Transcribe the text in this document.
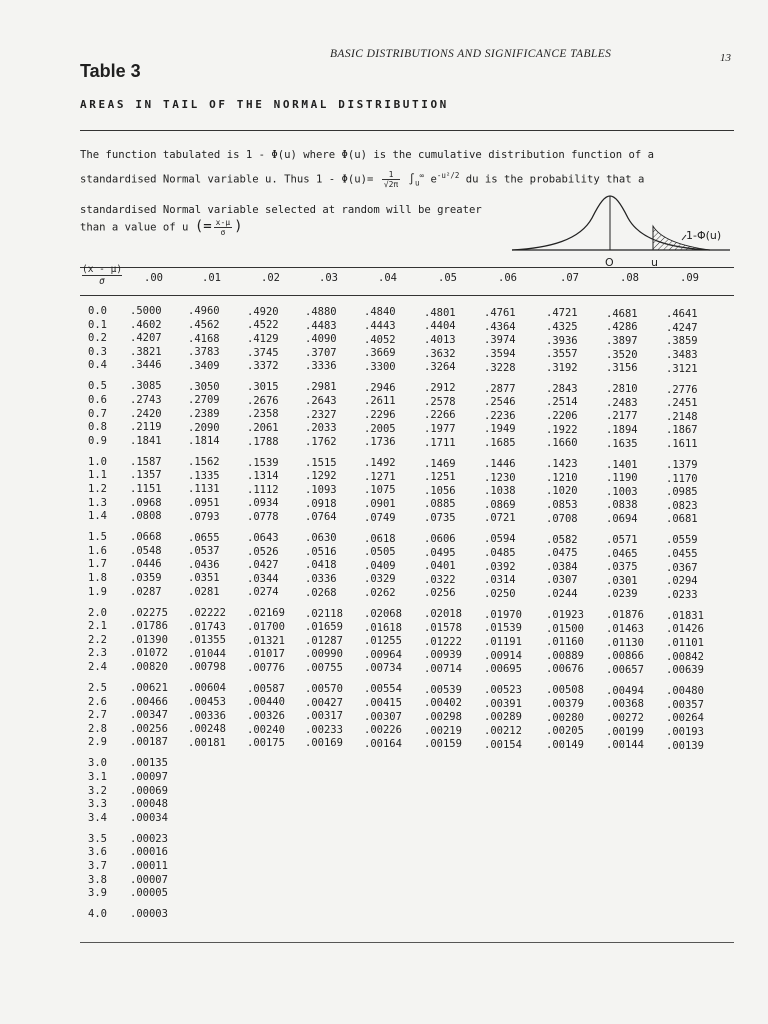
BASIC DISTRIBUTIONS AND SIGNIFICANCE TABLES	13
Table 3
AREAS IN TAIL OF THE NORMAL DISTRIBUTION
The function tabulated is 1 - Φ(u) where Φ(u) is the cumulative distribution function of a
standardised Normal variable u. Thus $1 - \Phi(u)= \frac{1}{√2\pi} \int_u^\infty$ $e^{-u^2/2}$ du is the probability that a
standardised Normal variable selected at random will be greater
than a value of u (= $\frac{x-\mu}{\sigma}$ )
1-Φ(u)
O	u
$\frac{(x - \mu)}{\sigma} .00$	.01	.02	.03	.04	.05	.06	.07	.08	.09
0.0 .5000	.4960	.4920	.4880	.4840	.4801	.4761	.4721	.4681	.4641
0.1 .4602	.4562	.4522	.4483	.4443	.4404	.4364	.4325	.4286	.4247
0.2 .4207	.4168	.4129	.4090	.4052	.4013	.3974	.3936	.3897	.3859
0.3 .3821	.3783	.3745	.3707	.3669	.3632	.3594	.3557	.3520	.3483
0.4 .3446	.3409	.3372	.3336	.3300	.3264	.3228	.3192	.3156	.3121
0.5 .3085	.3050	.3015	.2981	.2946	.2912	.2877	.2843	.2810	.2776
0.6 .2743	.2709	.2676	.2643	.2611	.2578	.2546	.2514	.2483	.2451
0.7 .2420	.2389	.2358	.2327	.2296	.2266	.2236	.2206	.2177	.2148
0.8 .2119	.2090	.2061	.2033	.2005	.1977	.1949	.1922	.1894	.1867
0.9 .1841	.1814	.1788	.1762	.1736	.1711	.1685	.1660	.1635	.1611
1.0 .1587	.1562	.1539	.1515	.1492	.1469	.1446	.1423	.1401	.1379
1.1 .1357	.1335	.1314	.1292	.1271	.1251	.1230	.1210	.1190	.1170
1.2 .1151	.1131	.1112	.1093	.1075	.1056	.1038	.1020	.1003	.0985
1.3 .0968	.0951	.0934	.0918	.0901	.0885	.0869	.0853	.0838	.0823
1.4 .0808	.0793	.0778	.0764	.0749	.0735	.0721	.0708	.0694	.0681
1.5 .0668	.0655	.0643	.0630	.0618	.0606	.0594	.0582	.0571	.0559
1.6 .0548	.0537	.0526	.0516	.0505	.0495	.0485	.0475	.0465	.0455
1.7 .0446	.0436	.0427	.0418	.0409	.0401	.0392	.0384	.0375	.0367
1.8 .0359	.0351	.0344	.0336	.0329	.0322	.0314	.0307	.0301	.0294
1.9 .0287	.0281	.0274	.0268	.0262	.0256	.0250	.0244	.0239	.0233
2.0 .02275 .02222 .02169 .02118 .02068 .02018 .01970 .01923 .01876 .01831
2.1 .01786 .01743 .01700 .01659 .01618 .01578 .01539 .01500 .01463 .01426
2.2 .01390 .01355 .01321 .01287 .01255 .01222 .01191 .01160 .01130 .01101
2.3 .01072 .01044 .01017 .00990 .00964 .00939 .00914 .00889 .00866 .00842
2.4 .00820 .00798 .00776 .00755 .00734 .00714 .00695 .00676 .00657 .00639
2.5 .00621 .00604 .00587 .00570 .00554 .00539 .00523 .00508 .00494 .00480
2.6 .00466 .00453 .00440 .00427 .00415 .00402 .00391 .00379 .00368 .00357
2.7 .00347 .00336 .00326 .00317 .00307 .00298 .00289 .00280 .00272 .00264
2.8 .00256 .00248 .00240 .00233 .00226 .00219 .00212 .00205 .00199 .00193
2.9 .00187 .00181 .00175 .00169 .00164 .00159 .00154 .00149 .00144 .00139
3.0 .00135
3.1 .00097
3.2 .00069
3.3 .00048
3.4 .00034
3.5 .00023
3.6 .00016
3.7 .00011
3.8 .00007
3.9 .00005
4.0 .00003
